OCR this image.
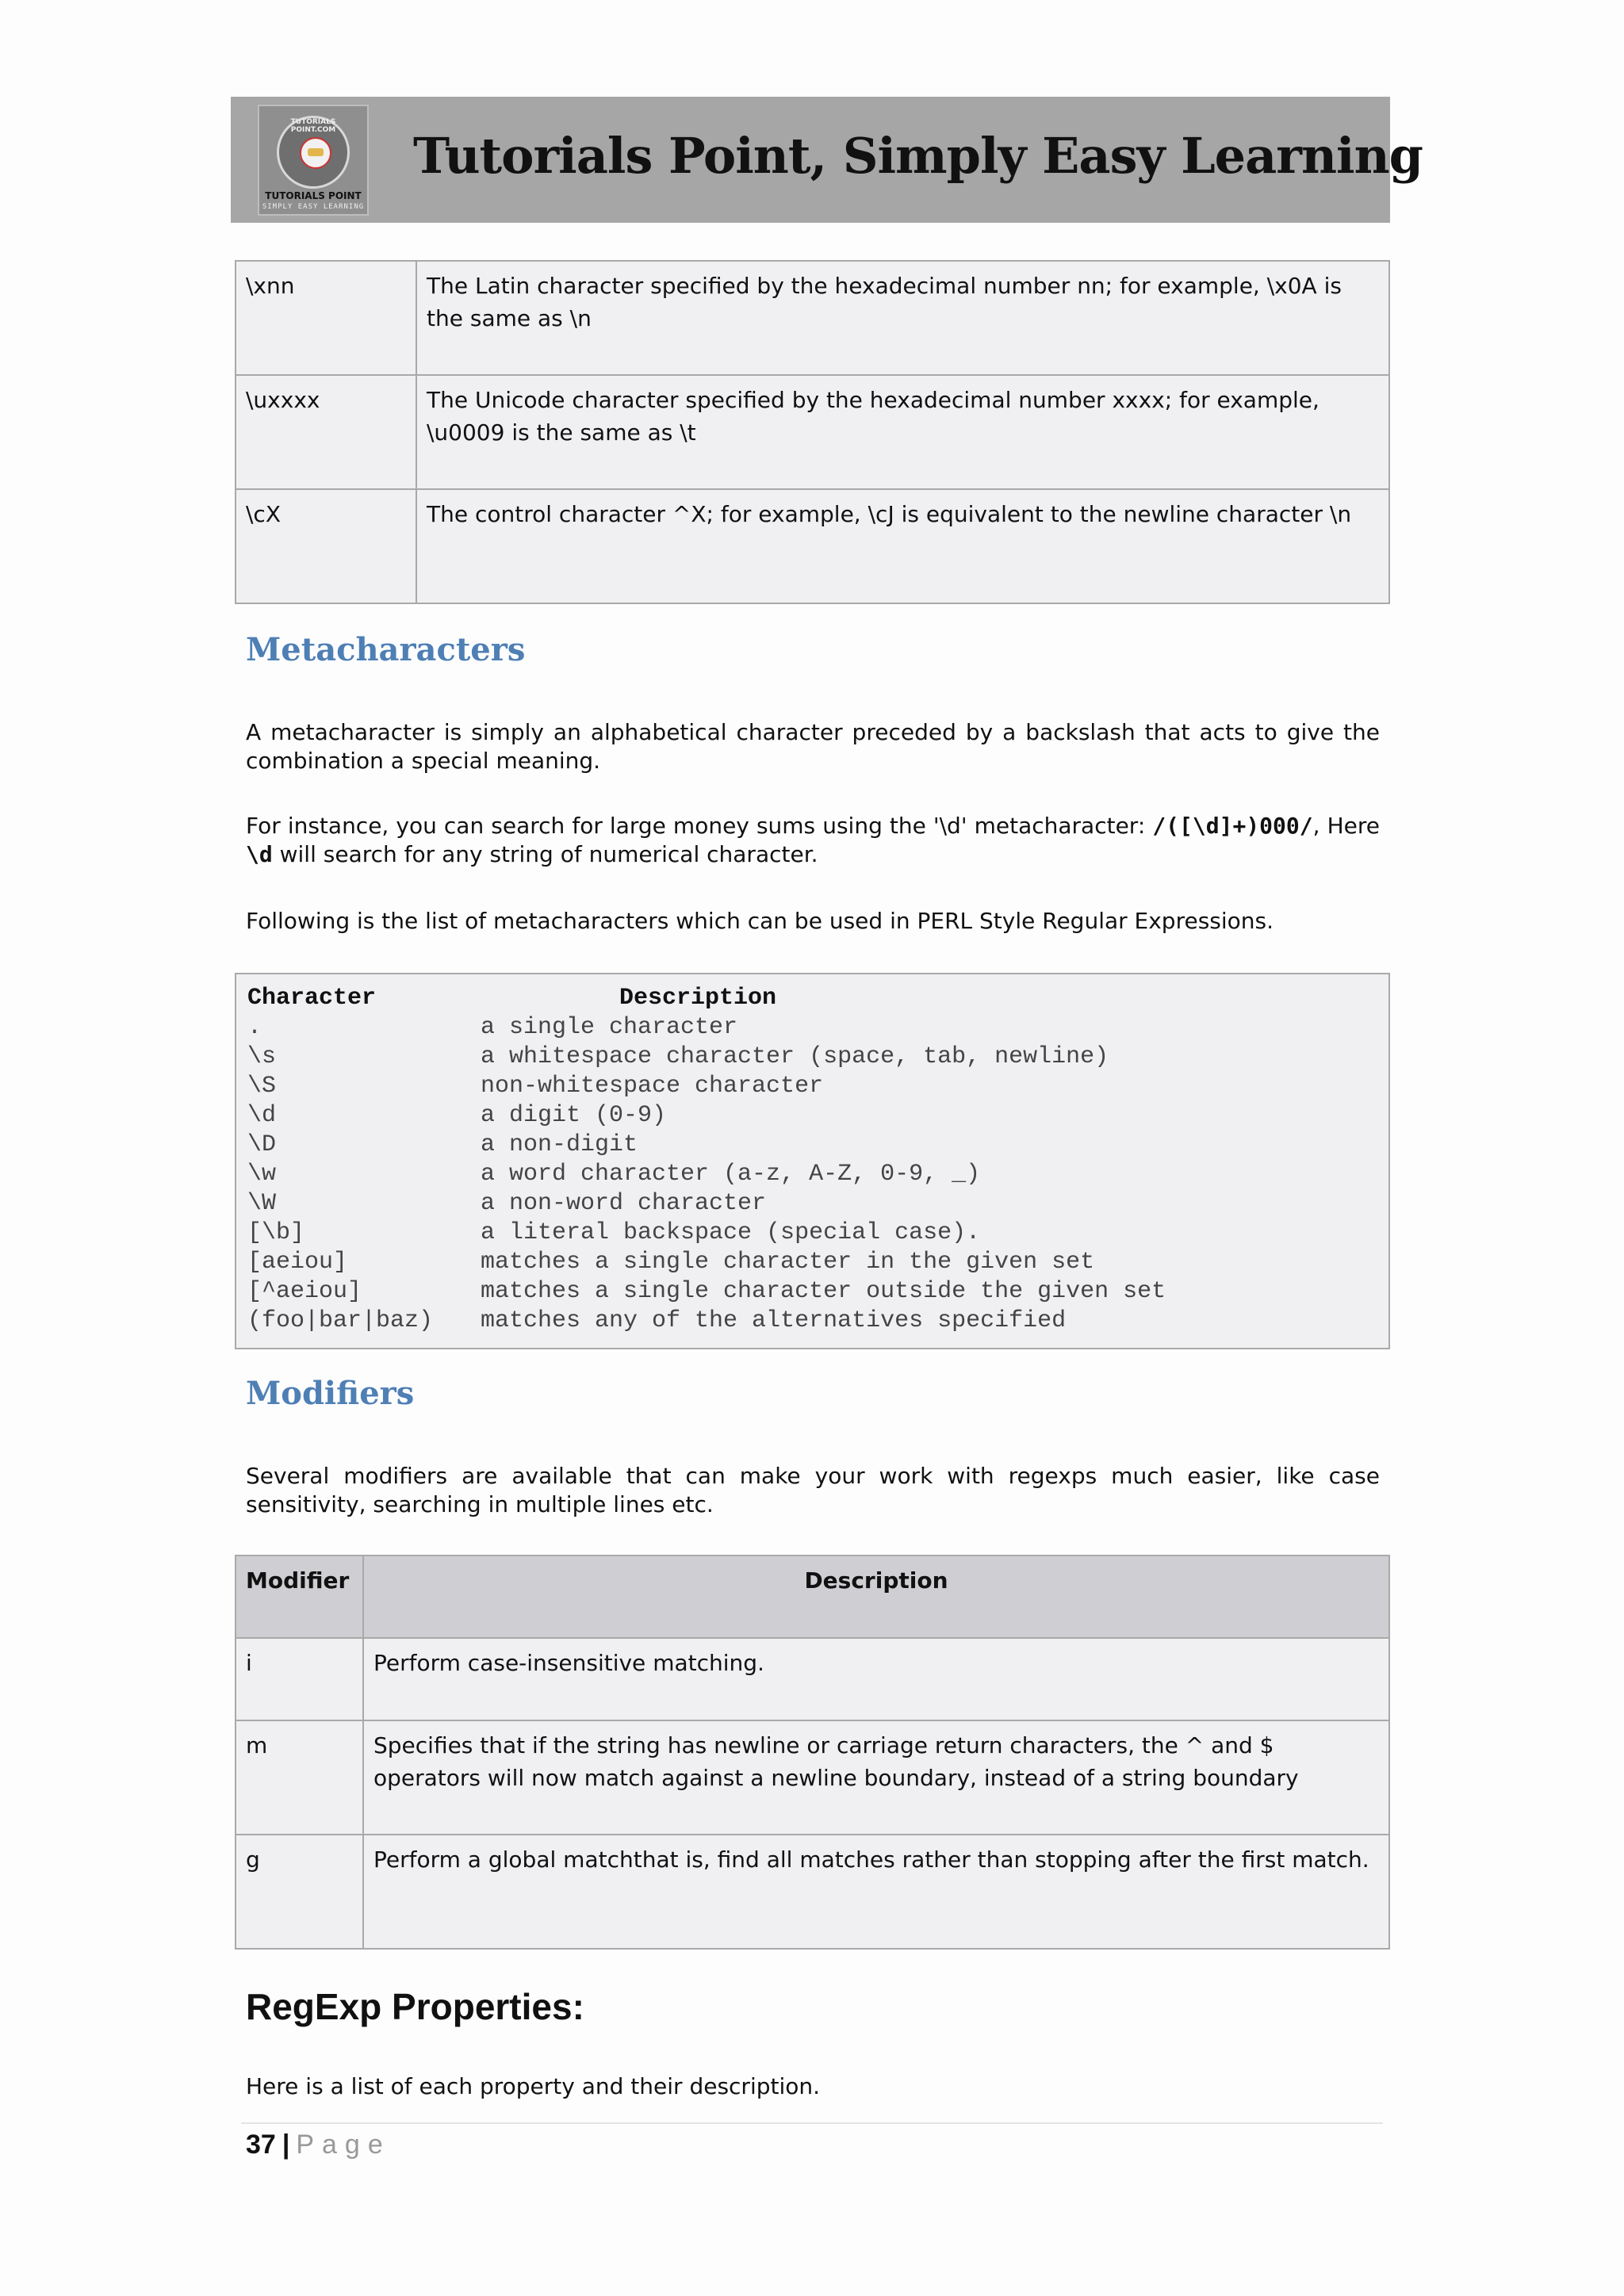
TUTORIALS POINT.COM
TUTORIALS POINT
SIMPLY EASY LEARNING
Tutorials Point, Simply Easy Learning
\xnn	The Latin character specified by the hexadecimal number nn; for example, \x0A is the same as \n
\uxxxx	The Unicode character specified by the hexadecimal number xxxx; for example, \u0009 is the same as \t
\cX	The control character ^X; for example, \cJ is equivalent to the newline character \n
Metacharacters

A metacharacter is simply an alphabetical character preceded by a backslash that acts to give the combination a special meaning.

For instance, you can search for large money sums using the '\d' metacharacter: /([\d]+)000/, Here \d will search for any string of numerical character.

Following is the list of metacharacters which can be used in PERL Style Regular Expressions.

Character	Description
.	a single character
\s	a whitespace character (space, tab, newline)
\S	non-whitespace character
\d	a digit (0-9)
\D	a non-digit
\w	a word character (a-z, A-Z, 0-9, _)
\W	a non-word character
[\b]	a literal backspace (special case).
[aeiou]	matches a single character in the given set
[^aeiou]	matches a single character outside the given set
(foo|bar|baz)	matches any of the alternatives specified
Modifiers

Several modifiers are available that can make your work with regexps much easier, like case sensitivity, searching in multiple lines etc.

Modifier	Description
i	Perform case-insensitive matching.
m	Specifies that if the string has newline or carriage return characters, the ^ and $ operators will now match against a newline boundary, instead of a string boundary
g	Perform a global matchthat is, find all matches rather than stopping after the first match.
RegExp Properties:

Here is a list of each property and their description.

37 | Page
